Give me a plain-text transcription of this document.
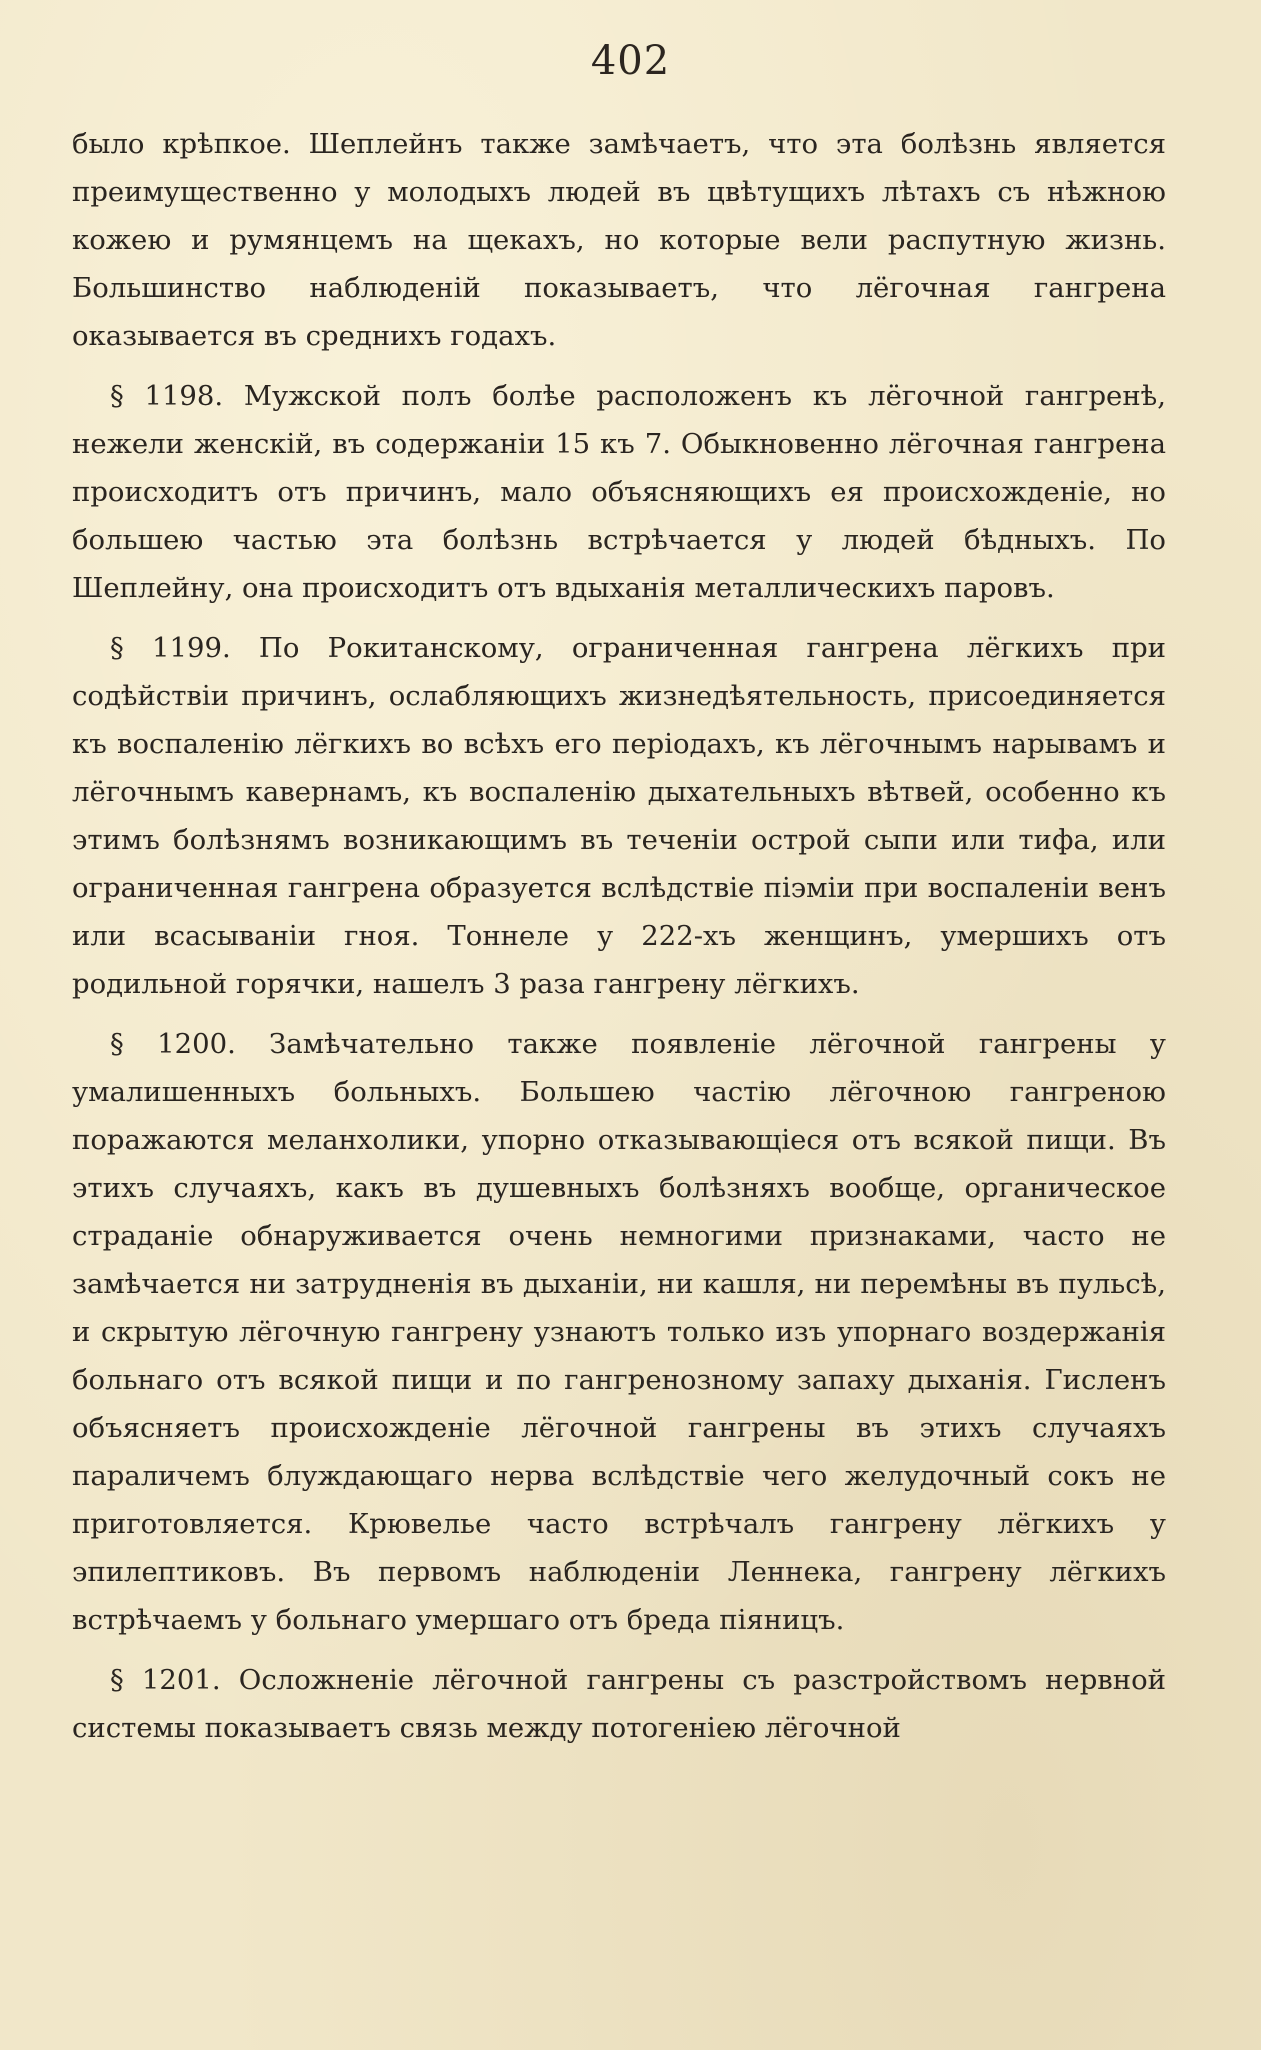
402

было крѣпкое. Шеплейнъ также замѣчаетъ, что эта болѣзнь является преимущественно у молодыхъ людей въ цвѣтущихъ лѣтахъ съ нѣжною кожею и румянцемъ на щекахъ, но которые вели распутную жизнь. Большинство наблюденій показываетъ, что лёгочная гангрена оказывается въ среднихъ годахъ.

§ 1198. Мужской полъ болѣе расположенъ къ лёгочной гангренѣ, нежели женскій, въ содержаніи 15 къ 7. Обыкновенно лёгочная гангрена происходитъ отъ причинъ, мало объясняющихъ ея происхожденіе, но большею частью эта болѣзнь встрѣчается у людей бѣдныхъ. По Шеплейну, она происходитъ отъ вдыханія металлическихъ паровъ.

§ 1199. По Рокитанскому, ограниченная гангрена лёгкихъ при содѣйствіи причинъ, ослабляющихъ жизнедѣятельность, присоединяется къ воспаленію лёгкихъ во всѣхъ его періодахъ, къ лёгочнымъ нарывамъ и лёгочнымъ кавернамъ, къ воспаленію дыхательныхъ вѣтвей, особенно къ этимъ болѣзнямъ возникающимъ въ теченіи острой сыпи или тифа, или ограниченная гангрена образуется вслѣдствіе піэміи при воспаленіи венъ или всасываніи гноя. Тоннеле у 222-хъ женщинъ, умершихъ отъ родильной горячки, нашелъ 3 раза гангрену лёгкихъ.

§ 1200. Замѣчательно также появленіе лёгочной гангрены у умалишенныхъ больныхъ. Большею частію лёгочною гангреною поражаются меланхолики, упорно отказывающіеся отъ всякой пищи. Въ этихъ случаяхъ, какъ въ душевныхъ болѣзняхъ вообще, органическое страданіе обнаруживается очень немногими признаками, часто не замѣчается ни затрудненія въ дыханіи, ни кашля, ни перемѣны въ пульсѣ, и скрытую лёгочную гангрену узнаютъ только изъ упорнаго воздержанія больнаго отъ всякой пищи и по гангренозному запаху дыханія. Гисленъ объясняетъ происхожденіе лёгочной гангрены въ этихъ случаяхъ параличемъ блуждающаго нерва вслѣдствіе чего желудочный сокъ не приготовляется. Крювелье часто встрѣчалъ гангрену лёгкихъ у эпилептиковъ. Въ первомъ наблюденіи Леннека, гангрену лёгкихъ встрѣчаемъ у больнаго умершаго отъ бреда піяницъ.

§ 1201. Осложненіе лёгочной гангрены съ разстройствомъ нервной системы показываетъ связь между потогеніею лёгочной
